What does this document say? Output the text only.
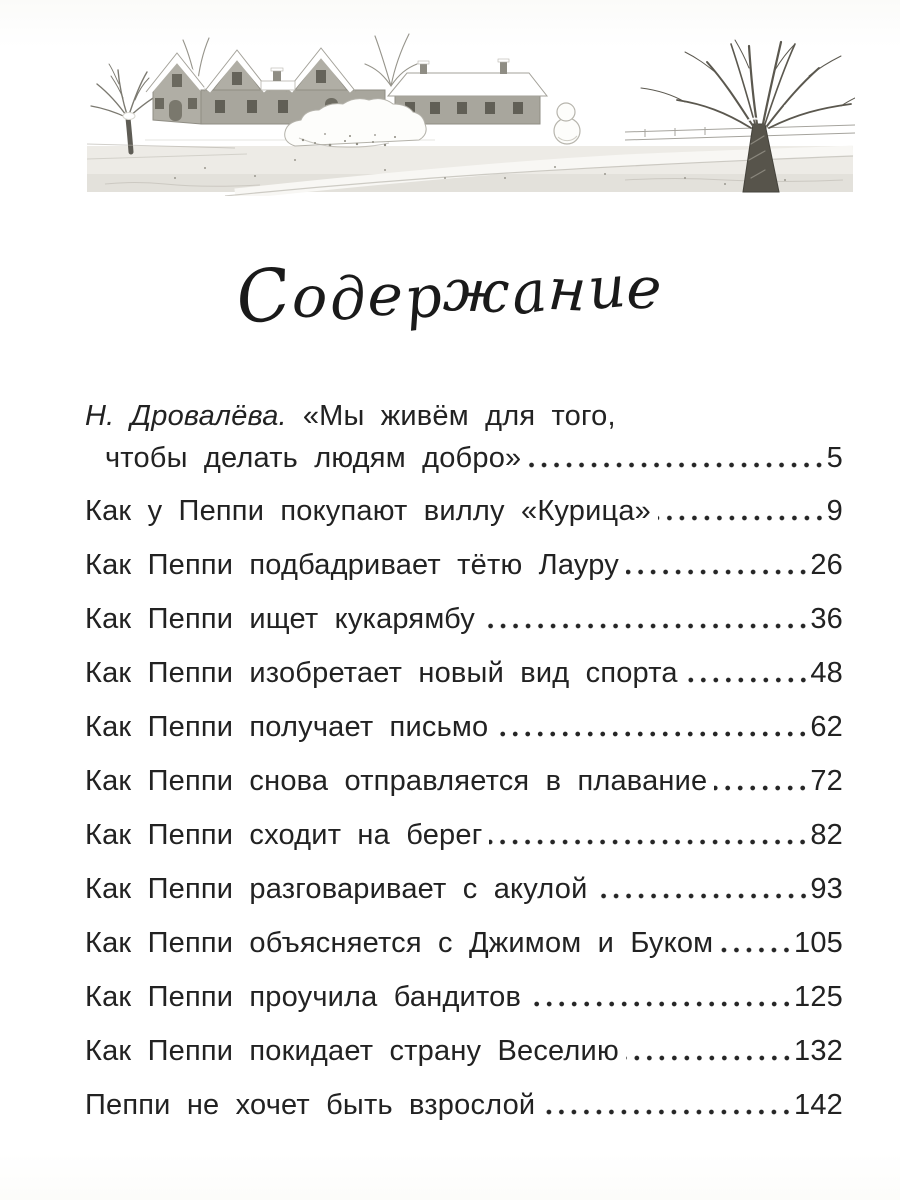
Содержание
Н. Дровалёва. «Мы живём для того,
чтобы делать людям добро»	5
Как у Пеппи покупают виллу «Курица»	9
Как Пеппи подбадривает тётю Лауру	26
Как Пеппи ищет кукарямбу	36
Как Пеппи изобретает новый вид спорта	48
Как Пеппи получает письмо	62
Как Пеппи снова отправляется в плавание	72
Как Пеппи сходит на берег	82
Как Пеппи разговаривает с акулой	93
Как Пеппи объясняется с Джимом и Буком	105
Как Пеппи проучила бандитов	125
Как Пеппи покидает страну Веселию	132
Пеппи не хочет быть взрослой	142
